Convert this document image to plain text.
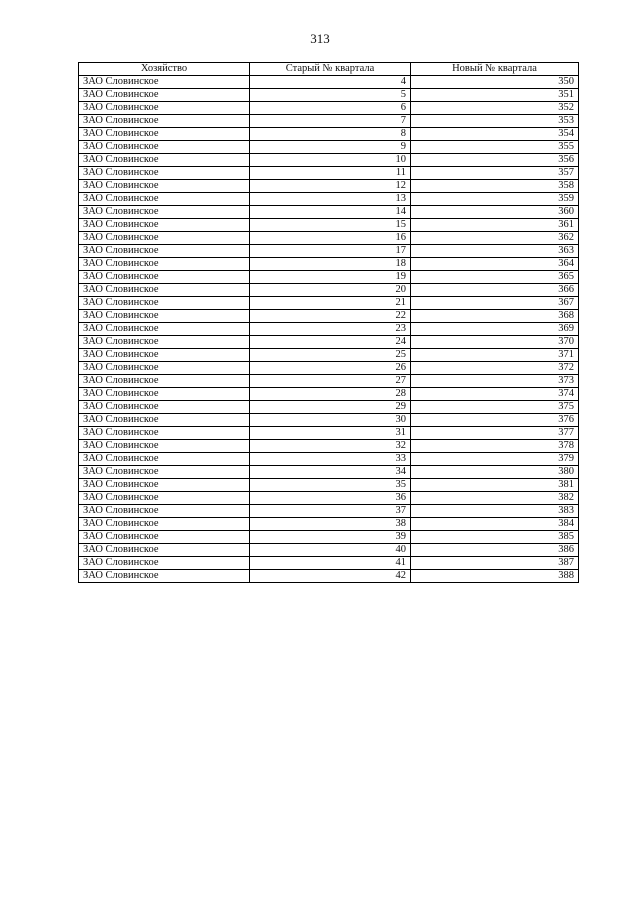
313
Хозяйство	Старый № квартала	Новый № квартала
ЗАО Словинское	4	350
ЗАО Словинское	5	351
ЗАО Словинское	6	352
ЗАО Словинское	7	353
ЗАО Словинское	8	354
ЗАО Словинское	9	355
ЗАО Словинское	10	356
ЗАО Словинское	11	357
ЗАО Словинское	12	358
ЗАО Словинское	13	359
ЗАО Словинское	14	360
ЗАО Словинское	15	361
ЗАО Словинское	16	362
ЗАО Словинское	17	363
ЗАО Словинское	18	364
ЗАО Словинское	19	365
ЗАО Словинское	20	366
ЗАО Словинское	21	367
ЗАО Словинское	22	368
ЗАО Словинское	23	369
ЗАО Словинское	24	370
ЗАО Словинское	25	371
ЗАО Словинское	26	372
ЗАО Словинское	27	373
ЗАО Словинское	28	374
ЗАО Словинское	29	375
ЗАО Словинское	30	376
ЗАО Словинское	31	377
ЗАО Словинское	32	378
ЗАО Словинское	33	379
ЗАО Словинское	34	380
ЗАО Словинское	35	381
ЗАО Словинское	36	382
ЗАО Словинское	37	383
ЗАО Словинское	38	384
ЗАО Словинское	39	385
ЗАО Словинское	40	386
ЗАО Словинское	41	387
ЗАО Словинское	42	388
